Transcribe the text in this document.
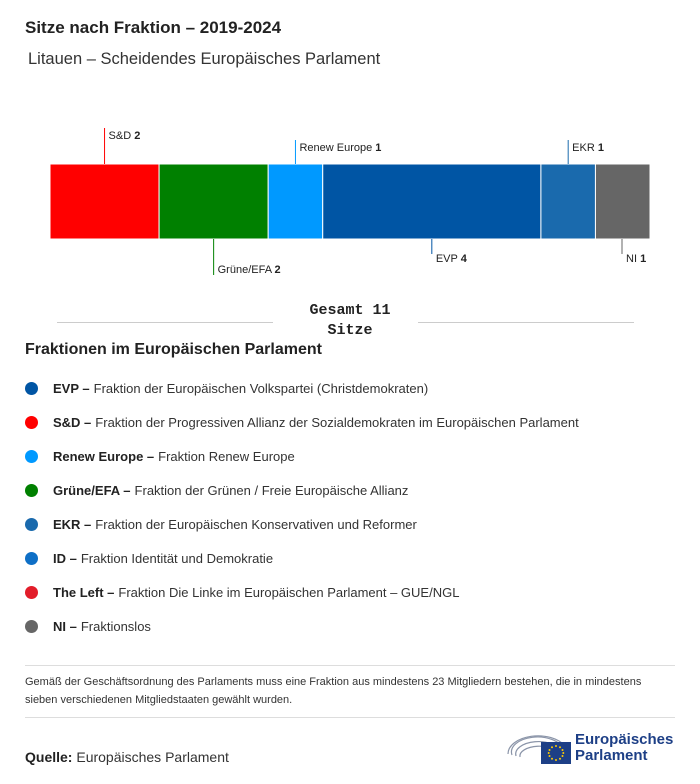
Sitze nach Fraktion – 2019-2024

Litauen – Scheidendes Europäisches Parlament

S&D 2
Grüne/EFA 2
Renew Europe 1
EVP 4
EKR 1
NI 1
Gesamt 11
Sitze
Fraktionen im Europäischen Parlament
EVP – Fraktion der Europäischen Volkspartei (Christdemokraten)
S&D – Fraktion der Progressiven Allianz der Sozialdemokraten im Europäischen Parlament
Renew Europe – Fraktion Renew Europe
Grüne/EFA – Fraktion der Grünen / Freie Europäische Allianz
EKR – Fraktion der Europäischen Konservativen und Reformer
ID – Fraktion Identität und Demokratie
The Left – Fraktion Die Linke im Europäischen Parlament – GUE/NGL
NI – Fraktionslos

Gemäß der Geschäftsordnung des Parlaments muss eine Fraktion aus mindestens 23 Mitgliedern bestehen, die in mindestens sieben verschiedenen Mitgliedstaaten gewählt wurden.

Quelle: Europäisches Parlament
Europäisches
Parlament
